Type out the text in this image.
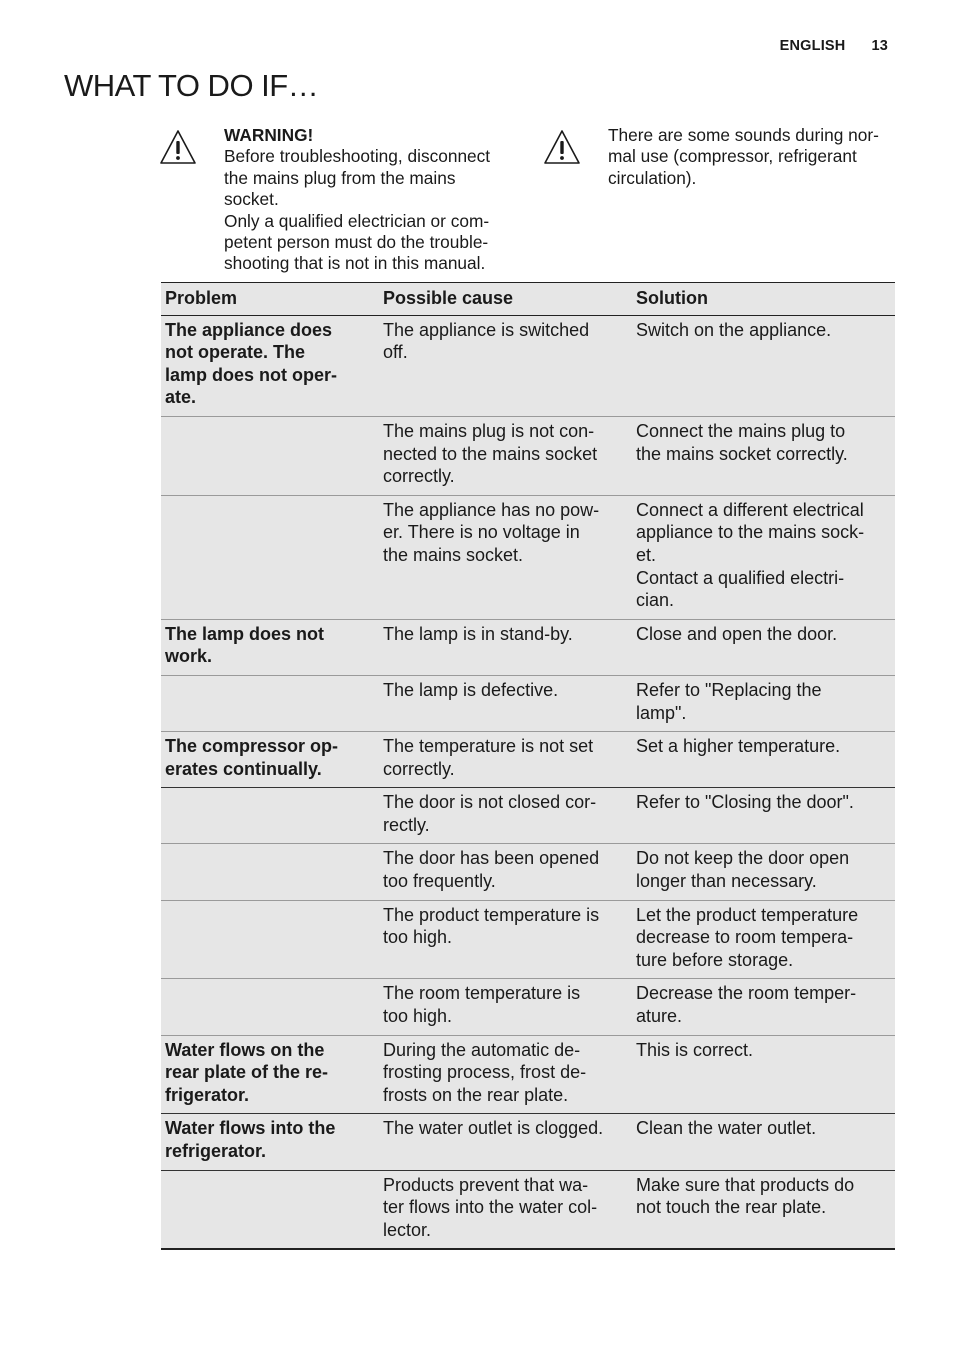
ENGLISH 13
WHAT TO DO IF…
WARNING!
Before troubleshooting, disconnect
the mains plug from the mains
socket.
Only a qualified electrician or com-
petent person must do the trouble-
shooting that is not in this manual.
There are some sounds during nor-
mal use (compressor, refrigerant
circulation).
Problem	Possible cause	Solution

The appliance does
not operate. The
lamp does not oper-
ate.	The appliance is switched
off.	Switch on the appliance.

	The mains plug is not con-
nected to the mains socket
correctly.	Connect the mains plug to
the mains socket correctly.

	The appliance has no pow-
er. There is no voltage in
the mains socket.	Connect a different electrical
appliance to the mains sock-
et.
Contact a qualified electri-
cian.

The lamp does not
work.	The lamp is in stand-by.	Close and open the door.

	The lamp is defective.	Refer to "Replacing the
lamp".

The compressor op-
erates continually.	The temperature is not set
correctly.	Set a higher temperature.

	The door is not closed cor-
rectly.	Refer to "Closing the door".

	The door has been opened
too frequently.	Do not keep the door open
longer than necessary.

	The product temperature is
too high.	Let the product temperature
decrease to room tempera-
ture before storage.

	The room temperature is
too high.	Decrease the room temper-
ature.

Water flows on the
rear plate of the re-
frigerator.	During the automatic de-
frosting process, frost de-
frosts on the rear plate.	This is correct.

Water flows into the
refrigerator.	The water outlet is clogged.	Clean the water outlet.

	Products prevent that wa-
ter flows into the water col-
lector.	Make sure that products do
not touch the rear plate.
